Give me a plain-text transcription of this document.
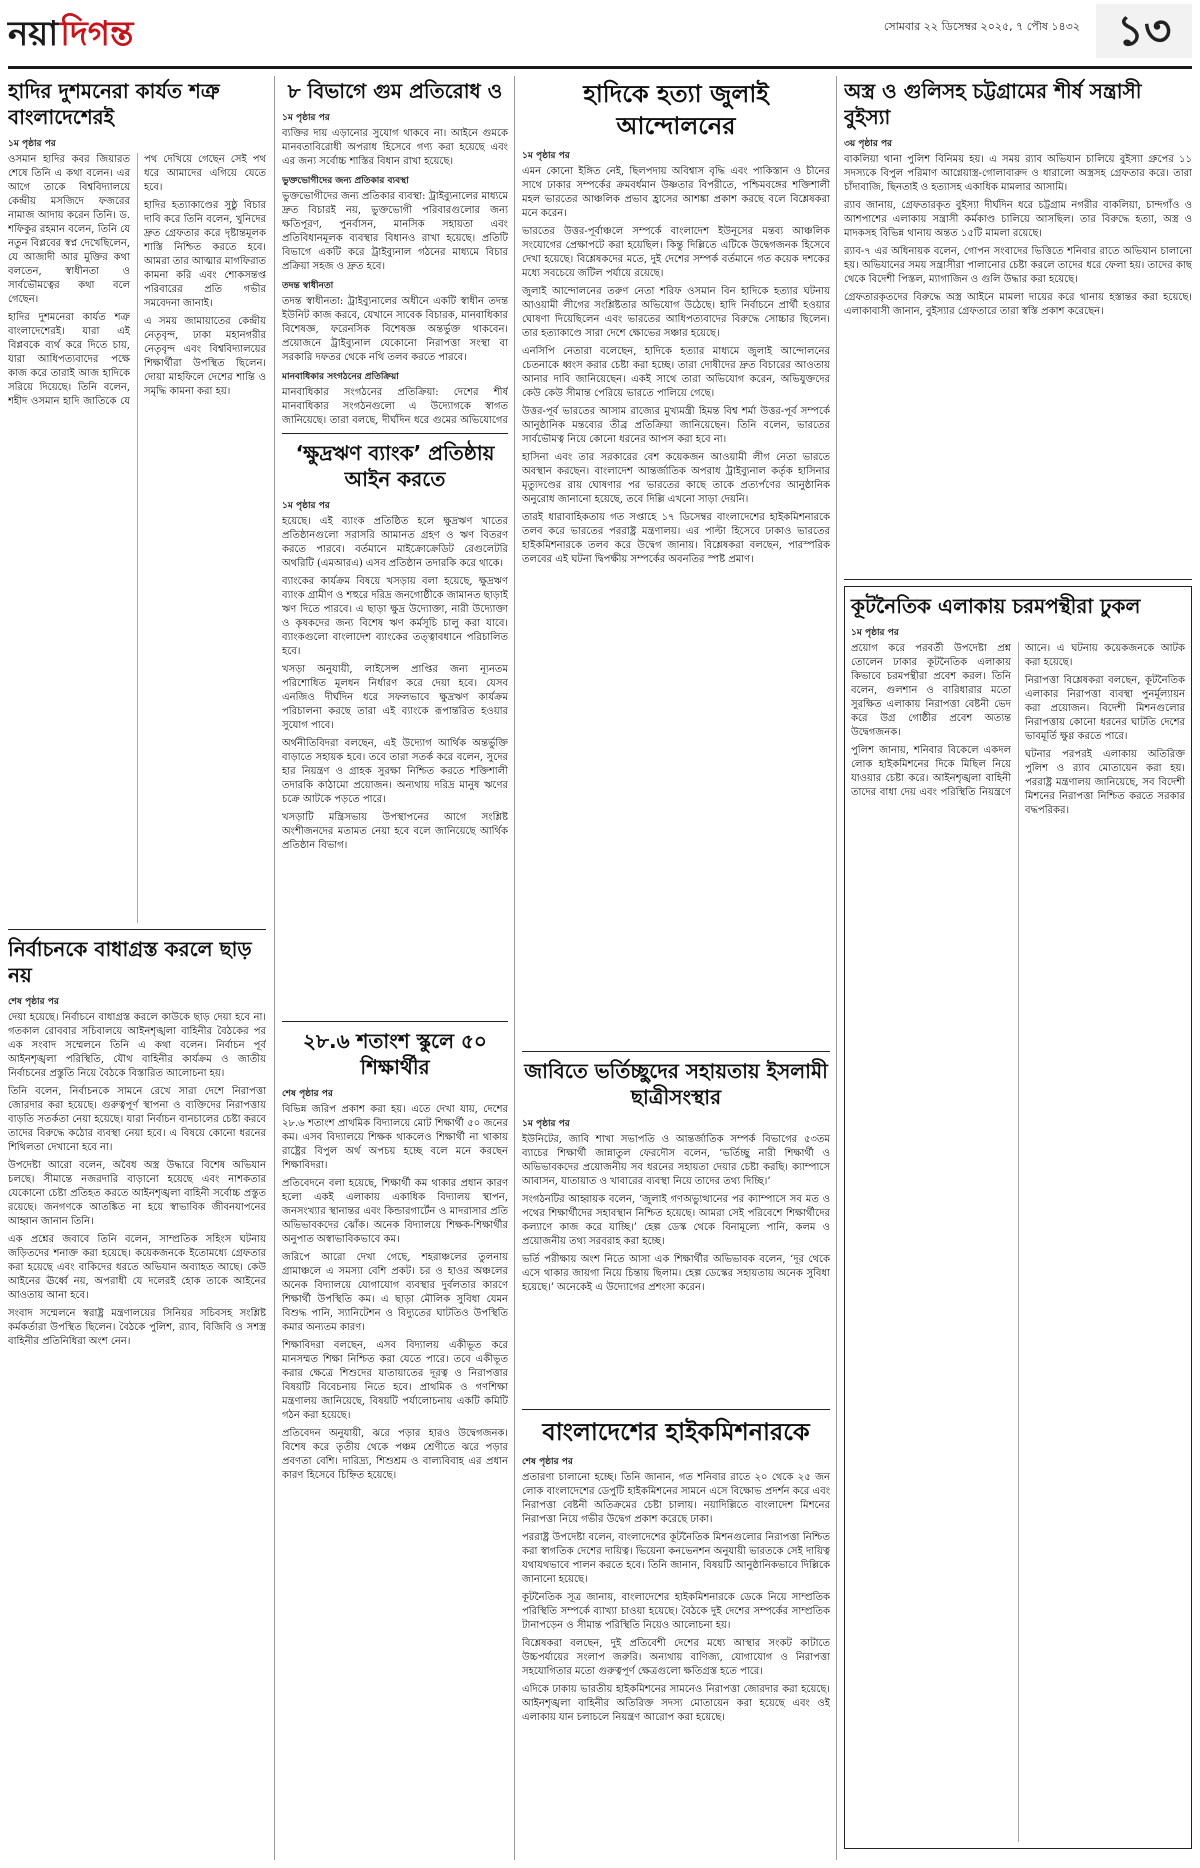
নয়া দিগন্ত	সোমবার ২২ ডিসেম্বর ২০২৫, ৭ পৌষ ১৪৩২ ১৩
হাদির দুশমনেরা কার্যত শত্রু বাংলাদেশেরই
১ম পৃষ্ঠার পর

ওসমান হাদির কবর জিয়ারত শেষে তিনি এ কথা বলেন। এর আগে তাকে বিশ্ববিদ্যালয়ে কেন্দ্রীয় মসজিদে ফজরের নামাজ আদায় করেন তিনি। ড. শফিকুর রহমান বলেন, তিনি যে নতুন বিপ্লবের স্বপ্ন দেখেছিলেন, যে আজাদী আর মুক্তির কথা বলতেন, স্বাধীনতা ও সার্বভৌমত্বের কথা বলে গেছেন।

হাদির দুশমনেরা কার্যত শত্রু বাংলাদেশেরই। যারা এই বিপ্লবকে ব্যর্থ করে দিতে চায়, যারা আধিপত্যবাদের পক্ষে কাজ করে তারাই আজ হাদিকে সরিয়ে দিয়েছে। তিনি বলেন, শহীদ ওসমান হাদি জাতিকে যে পথ দেখিয়ে গেছেন সেই পথ ধরে আমাদের এগিয়ে যেতে হবে।

হাদির হত্যাকাণ্ডের সুষ্ঠু বিচার দাবি করে তিনি বলেন, খুনিদের দ্রুত গ্রেফতার করে দৃষ্টান্তমূলক শাস্তি নিশ্চিত করতে হবে। আমরা তার আত্মার মাগফিরাত কামনা করি এবং শোকসন্তপ্ত পরিবারের প্রতি গভীর সমবেদনা জানাই।

এ সময় জামায়াতের কেন্দ্রীয় নেতৃবৃন্দ, ঢাকা মহানগরীর নেতৃবৃন্দ এবং বিশ্ববিদ্যালয়ের শিক্ষার্থীরা উপস্থিত ছিলেন। দোয়া মাহফিলে দেশের শান্তি ও সমৃদ্ধি কামনা করা হয়।

নির্বাচনকে বাধাগ্রস্ত করলে ছাড় নয়
শেষ পৃষ্ঠার পর

দেয়া হয়েছে। নির্বাচনে বাধাগ্রস্ত করলে কাউকে ছাড় দেয়া হবে না। গতকাল রোববার সচিবালয়ে আইনশৃঙ্খলা বাহিনীর বৈঠকের পর এক সংবাদ সম্মেলনে তিনি এ কথা বলেন। নির্বাচন পূর্ব আইনশৃঙ্খলা পরিস্থিতি, যৌথ বাহিনীর কার্যক্রম ও জাতীয় নির্বাচনের প্রস্তুতি নিয়ে বৈঠকে বিস্তারিত আলোচনা হয়।

তিনি বলেন, নির্বাচনকে সামনে রেখে সারা দেশে নিরাপত্তা জোরদার করা হয়েছে। গুরুত্বপূর্ণ স্থাপনা ও ব্যক্তিদের নিরাপত্তায় বাড়তি সতর্কতা নেয়া হয়েছে। যারা নির্বাচন বানচালের চেষ্টা করবে তাদের বিরুদ্ধে কঠোর ব্যবস্থা নেয়া হবে। এ বিষয়ে কোনো ধরনের শিথিলতা দেখানো হবে না।

উপদেষ্টা আরো বলেন, অবৈধ অস্ত্র উদ্ধারে বিশেষ অভিযান চলছে। সীমান্তে নজরদারি বাড়ানো হয়েছে এবং নাশকতার যেকোনো চেষ্টা প্রতিহত করতে আইনশৃঙ্খলা বাহিনী সর্বোচ্চ প্রস্তুত রয়েছে। জনগণকে আতঙ্কিত না হয়ে স্বাভাবিক জীবনযাপনের আহ্বান জানান তিনি।

এক প্রশ্নের জবাবে তিনি বলেন, সাম্প্রতিক সহিংস ঘটনায় জড়িতদের শনাক্ত করা হয়েছে। কয়েকজনকে ইতোমধ্যে গ্রেফতার করা হয়েছে এবং বাকিদের ধরতে অভিযান অব্যাহত আছে। কেউ আইনের ঊর্ধ্বে নয়, অপরাধী যে দলেরই হোক তাকে আইনের আওতায় আনা হবে।

সংবাদ সম্মেলনে স্বরাষ্ট্র মন্ত্রণালয়ের সিনিয়র সচিবসহ সংশ্লিষ্ট কর্মকর্তারা উপস্থিত ছিলেন। বৈঠকে পুলিশ, র‍্যাব, বিজিবি ও সশস্ত্র বাহিনীর প্রতিনিধিরা অংশ নেন।

৮ বিভাগে গুম প্রতিরোধ ও
১ম পৃষ্ঠার পর

ব্যক্তির দায় এড়ানোর সুযোগ থাকবে না। আইনে গুমকে মানবতাবিরোধী অপরাধ হিসেবে গণ্য করা হয়েছে এবং এর জন্য সর্বোচ্চ শাস্তির বিধান রাখা হয়েছে।

ভুক্তভোগীদের জন্য প্রতিকার ব্যবস্থা

ভুক্তভোগীদের জন্য প্রতিকার ব্যবস্থা: ট্রাইব্যুনালের মাধ্যমে দ্রুত বিচারই নয়, ভুক্তভোগী পরিবারগুলোর জন্য ক্ষতিপূরণ, পুনর্বাসন, মানসিক সহায়তা এবং প্রতিবিধানমূলক ব্যবস্থার বিধানও রাখা হয়েছে। প্রতিটি বিভাগে একটি করে ট্রাইব্যুনাল গঠনের মাধ্যমে বিচার প্রক্রিয়া সহজ ও দ্রুত হবে।

তদন্ত স্বাধীনতা

তদন্ত স্বাধীনতা: ট্রাইব্যুনালের অধীনে একটি স্বাধীন তদন্ত ইউনিট কাজ করবে, যেখানে সাবেক বিচারক, মানবাধিকার বিশেষজ্ঞ, ফরেনসিক বিশেষজ্ঞ অন্তর্ভুক্ত থাকবেন। প্রয়োজনে ট্রাইব্যুনাল যেকোনো নিরাপত্তা সংস্থা বা সরকারি দফতর থেকে নথি তলব করতে পারবে।

মানবাধিকার সংগঠনের প্রতিক্রিয়া

মানবাধিকার সংগঠনের প্রতিক্রিয়া: দেশের শীর্ষ মানবাধিকার সংগঠনগুলো এ উদ্যোগকে স্বাগত জানিয়েছে। তারা বলছে, দীর্ঘদিন ধরে গুমের অভিযোগের

‘ক্ষুদ্রঋণ ব্যাংক’ প্রতিষ্ঠায় আইন করতে
১ম পৃষ্ঠার পর

হয়েছে। এই ব্যাংক প্রতিষ্ঠিত হলে ক্ষুদ্রঋণ খাতের প্রতিষ্ঠানগুলো সরাসরি আমানত গ্রহণ ও ঋণ বিতরণ করতে পারবে। বর্তমানে মাইক্রোক্রেডিট রেগুলেটরি অথরিটি (এমআরএ) এসব প্রতিষ্ঠান তদারকি করে থাকে।

ব্যাংকের কার্যক্রম বিষয়ে খসড়ায় বলা হয়েছে, ক্ষুদ্রঋণ ব্যাংক গ্রামীণ ও শহুরে দরিদ্র জনগোষ্ঠীকে জামানত ছাড়াই ঋণ দিতে পারবে। এ ছাড়া ক্ষুদ্র উদ্যোক্তা, নারী উদ্যোক্তা ও কৃষকদের জন্য বিশেষ ঋণ কর্মসূচি চালু করা যাবে। ব্যাংকগুলো বাংলাদেশ ব্যাংকের তত্ত্বাবধানে পরিচালিত হবে।

খসড়া অনুযায়ী, লাইসেন্স প্রাপ্তির জন্য ন্যূনতম পরিশোধিত মূলধন নির্ধারণ করে দেয়া হবে। যেসব এনজিও দীর্ঘদিন ধরে সফলভাবে ক্ষুদ্রঋণ কার্যক্রম পরিচালনা করছে তারা এই ব্যাংকে রূপান্তরিত হওয়ার সুযোগ পাবে।

অর্থনীতিবিদরা বলছেন, এই উদ্যোগ আর্থিক অন্তর্ভুক্তি বাড়াতে সহায়ক হবে। তবে তারা সতর্ক করে বলেন, সুদের হার নিয়ন্ত্রণ ও গ্রাহক সুরক্ষা নিশ্চিত করতে শক্তিশালী তদারকি কাঠামো প্রয়োজন। অন্যথায় দরিদ্র মানুষ ঋণের চক্রে আটকে পড়তে পারে।

খসড়াটি মন্ত্রিসভায় উপস্থাপনের আগে সংশ্লিষ্ট অংশীজনদের মতামত নেয়া হবে বলে জানিয়েছে আর্থিক প্রতিষ্ঠান বিভাগ।

২৮.৬ শতাংশ স্কুলে ৫০ শিক্ষার্থীর
শেষ পৃষ্ঠার পর

বিভিন্ন জরিপ প্রকাশ করা হয়। এতে দেখা যায়, দেশের ২৮.৬ শতাংশ প্রাথমিক বিদ্যালয়ে মোট শিক্ষার্থী ৫০ জনের কম। এসব বিদ্যালয়ে শিক্ষক থাকলেও শিক্ষার্থী না থাকায় রাষ্ট্রের বিপুল অর্থ অপচয় হচ্ছে বলে মনে করছেন শিক্ষাবিদরা।

প্রতিবেদনে বলা হয়েছে, শিক্ষার্থী কম থাকার প্রধান কারণ হলো একই এলাকায় একাধিক বিদ্যালয় স্থাপন, জনসংখ্যার স্থানান্তর এবং কিন্ডারগার্টেন ও মাদরাসার প্রতি অভিভাবকদের ঝোঁক। অনেক বিদ্যালয়ে শিক্ষক-শিক্ষার্থীর অনুপাত অস্বাভাবিকভাবে কম।

জরিপে আরো দেখা গেছে, শহরাঞ্চলের তুলনায় গ্রামাঞ্চলে এ সমস্যা বেশি প্রকট। চর ও হাওর অঞ্চলের অনেক বিদ্যালয়ে যোগাযোগ ব্যবস্থার দুর্বলতার কারণে শিক্ষার্থী উপস্থিতি কম। এ ছাড়া মৌলিক সুবিধা যেমন বিশুদ্ধ পানি, স্যানিটেশন ও বিদ্যুতের ঘাটতিও উপস্থিতি কমার অন্যতম কারণ।

শিক্ষাবিদরা বলছেন, এসব বিদ্যালয় একীভূত করে মানসম্মত শিক্ষা নিশ্চিত করা যেতে পারে। তবে একীভূত করার ক্ষেত্রে শিশুদের যাতায়াতের দূরত্ব ও নিরাপত্তার বিষয়টি বিবেচনায় নিতে হবে। প্রাথমিক ও গণশিক্ষা মন্ত্রণালয় জানিয়েছে, বিষয়টি পর্যালোচনায় একটি কমিটি গঠন করা হয়েছে।

প্রতিবেদন অনুযায়ী, ঝরে পড়ার হারও উদ্বেগজনক। বিশেষ করে তৃতীয় থেকে পঞ্চম শ্রেণীতে ঝরে পড়ার প্রবণতা বেশি। দারিদ্র্য, শিশুশ্রম ও বাল্যবিবাহ এর প্রধান কারণ হিসেবে চিহ্নিত হয়েছে।

হাদিকে হত্যা জুলাই আন্দোলনের
১ম পৃষ্ঠার পর

এমন কোনো ইঙ্গিত নেই, ছিলপদায় অবিশ্বাস বৃদ্ধি এবং পাকিস্তান ও চীনের সাথে ঢাকার সম্পর্কের ক্রমবর্ধমান উষ্ণতার বিপরীতে, পশ্চিমবঙ্গের শক্তিশালী মহল ভারতের আঞ্চলিক প্রভাব হ্রাসের আশঙ্কা প্রকাশ করছে বলে বিশ্লেষকরা মনে করেন।

ভারতের উত্তর-পূর্বাঞ্চলে সম্পর্কে বাংলাদেশ ইউনূসের মন্তব্য আঞ্চলিক সংযোগের প্রেক্ষাপটে করা হয়েছিল। কিন্তু দিল্লিতে এটিকে উদ্বেগজনক হিসেবে দেখা হয়েছে। বিশ্লেষকদের মতে, দুই দেশের সম্পর্ক বর্তমানে গত কয়েক দশকের মধ্যে সবচেয়ে জটিল পর্যায়ে রয়েছে।

জুলাই আন্দোলনের তরুণ নেতা শরিফ ওসমান বিন হাদিকে হত্যার ঘটনায় আওয়ামী লীগের সংশ্লিষ্টতার অভিযোগ উঠেছে। হাদি নির্বাচনে প্রার্থী হওয়ার ঘোষণা দিয়েছিলেন এবং ভারতের আধিপত্যবাদের বিরুদ্ধে সোচ্চার ছিলেন। তার হত্যাকাণ্ডে সারা দেশে ক্ষোভের সঞ্চার হয়েছে।

এনসিপি নেতারা বলেছেন, হাদিকে হত্যার মাধ্যমে জুলাই আন্দোলনের চেতনাকে ধ্বংস করার চেষ্টা করা হচ্ছে। তারা দোষীদের দ্রুত বিচারের আওতায় আনার দাবি জানিয়েছেন। একই সাথে তারা অভিযোগ করেন, অভিযুক্তদের কেউ কেউ সীমান্ত পেরিয়ে ভারতে পালিয়ে গেছে।

উত্তর-পূর্ব ভারতের আসাম রাজ্যের মুখ্যমন্ত্রী হিমন্ত বিশ্ব শর্মা উত্তর-পূর্ব সম্পর্কে আনুষ্ঠানিক মন্তব্যের তীব্র প্রতিক্রিয়া জানিয়েছেন। তিনি বলেন, ভারতের সার্বভৌমত্ব নিয়ে কোনো ধরনের আপস করা হবে না।

হাসিনা এবং তার সরকারের বেশ কয়েকজন আওয়ামী লীগ নেতা ভারতে অবস্থান করছেন। বাংলাদেশ আন্তর্জাতিক অপরাধ ট্রাইব্যুনাল কর্তৃক হাসিনার মৃত্যুদণ্ডের রায় ঘোষণার পর ভারতের কাছে তাকে প্রত্যর্পণের আনুষ্ঠানিক অনুরোধ জানানো হয়েছে, তবে দিল্লি এখনো সাড়া দেয়নি।

তারই ধারাবাহিকতায় গত সপ্তাহে ১৭ ডিসেম্বর বাংলাদেশের হাইকমিশনারকে তলব করে ভারতের পররাষ্ট্র মন্ত্রণালয়। এর পাল্টা হিসেবে ঢাকাও ভারতের হাইকমিশনারকে তলব করে উদ্বেগ জানায়। বিশ্লেষকরা বলছেন, পারস্পরিক তলবের এই ঘটনা দ্বিপক্ষীয় সম্পর্কের অবনতির স্পষ্ট প্রমাণ।

জাবিতে ভর্তিচ্ছুদের সহায়তায় ইসলামী ছাত্রীসংস্থার
১ম পৃষ্ঠার পর

ইউনিটের, জাবি শাখা সভাপতি ও আন্তর্জাতিক সম্পর্ক বিভাগের ৫৩তম ব্যাচের শিক্ষার্থী জান্নাতুল ফেরদৌস বলেন, ‘ভর্তিচ্ছু নারী শিক্ষার্থী ও অভিভাবকদের প্রয়োজনীয় সব ধরনের সহায়তা দেয়ার চেষ্টা করছি। ক্যাম্পাসে আবাসন, যাতায়াত ও খাবারের ব্যবস্থা নিয়ে তাদের তথ্য দিচ্ছি।’

সংগঠনটির আহ্বায়ক বলেন, ‘জুলাই গণঅভ্যুত্থানের পর ক্যাম্পাসে সব মত ও পথের শিক্ষার্থীদের সহাবস্থান নিশ্চিত হয়েছে। আমরা সেই পরিবেশে শিক্ষার্থীদের কল্যাণে কাজ করে যাচ্ছি।’ হেল্প ডেস্ক থেকে বিনামূল্যে পানি, কলম ও প্রয়োজনীয় তথ্য সরবরাহ করা হচ্ছে।

ভর্তি পরীক্ষায় অংশ নিতে আসা এক শিক্ষার্থীর অভিভাবক বলেন, ‘দূর থেকে এসে থাকার জায়গা নিয়ে চিন্তায় ছিলাম। হেল্প ডেস্কের সহায়তায় অনেক সুবিধা হয়েছে।’ অনেকেই এ উদ্যোগের প্রশংসা করেন।

বাংলাদেশের হাইকমিশনারকে
শেষ পৃষ্ঠার পর

প্রতারণা চালানো হচ্ছে। তিনি জানান, গত শনিবার রাতে ২০ থেকে ২৫ জন লোক বাংলাদেশের ডেপুটি হাইকমিশনের সামনে এসে বিক্ষোভ প্রদর্শন করে এবং নিরাপত্তা বেষ্টনী অতিক্রমের চেষ্টা চালায়। নয়াদিল্লিতে বাংলাদেশ মিশনের নিরাপত্তা নিয়ে গভীর উদ্বেগ প্রকাশ করেছে ঢাকা।

পররাষ্ট্র উপদেষ্টা বলেন, বাংলাদেশের কূটনৈতিক মিশনগুলোর নিরাপত্তা নিশ্চিত করা স্বাগতিক দেশের দায়িত্ব। ভিয়েনা কনভেনশন অনুযায়ী ভারতকে সেই দায়িত্ব যথাযথভাবে পালন করতে হবে। তিনি জানান, বিষয়টি আনুষ্ঠানিকভাবে দিল্লিকে জানানো হয়েছে।

কূটনৈতিক সূত্র জানায়, বাংলাদেশের হাইকমিশনারকে ডেকে নিয়ে সাম্প্রতিক পরিস্থিতি সম্পর্কে ব্যাখ্যা চাওয়া হয়েছে। বৈঠকে দুই দেশের সম্পর্কের সাম্প্রতিক টানাপড়েন ও সীমান্ত পরিস্থিতি নিয়েও আলোচনা হয়।

বিশ্লেষকরা বলছেন, দুই প্রতিবেশী দেশের মধ্যে আস্থার সংকট কাটাতে উচ্চপর্যায়ের সংলাপ জরুরি। অন্যথায় বাণিজ্য, যোগাযোগ ও নিরাপত্তা সহযোগিতার মতো গুরুত্বপূর্ণ ক্ষেত্রগুলো ক্ষতিগ্রস্ত হতে পারে।

এদিকে ঢাকায় ভারতীয় হাইকমিশনের সামনেও নিরাপত্তা জোরদার করা হয়েছে। আইনশৃঙ্খলা বাহিনীর অতিরিক্ত সদস্য মোতায়েন করা হয়েছে এবং ওই এলাকায় যান চলাচলে নিয়ন্ত্রণ আরোপ করা হয়েছে।

অস্ত্র ও গুলিসহ চট্টগ্রামের শীর্ষ সন্ত্রাসী বুইস্যা
৩য় পৃষ্ঠার পর

বাকলিয়া থানা পুলিশ বিনিময় হয়। এ সময় র‍্যাব অভিযান চালিয়ে বুইস্যা গ্রুপের ১১ সদস্যকে বিপুল পরিমাণ আগ্নেয়াস্ত্র-গোলাবারুদ ও ধারালো অস্ত্রসহ গ্রেফতার করে। তারা চাঁদাবাজি, ছিনতাই ও হত্যাসহ একাধিক মামলার আসামি।

র‍্যাব জানায়, গ্রেফতারকৃত বুইস্যা দীর্ঘদিন ধরে চট্টগ্রাম নগরীর বাকলিয়া, চান্দগাঁও ও আশপাশের এলাকায় সন্ত্রাসী কর্মকাণ্ড চালিয়ে আসছিল। তার বিরুদ্ধে হত্যা, অস্ত্র ও মাদকসহ বিভিন্ন থানায় অন্তত ১৫টি মামলা রয়েছে।

র‍্যাব-৭ এর অধিনায়ক বলেন, গোপন সংবাদের ভিত্তিতে শনিবার রাতে অভিযান চালানো হয়। অভিযানের সময় সন্ত্রাসীরা পালানোর চেষ্টা করলে তাদের ধরে ফেলা হয়। তাদের কাছ থেকে বিদেশী পিস্তল, ম্যাগাজিন ও গুলি উদ্ধার করা হয়েছে।

গ্রেফতারকৃতদের বিরুদ্ধে অস্ত্র আইনে মামলা দায়ের করে থানায় হস্তান্তর করা হয়েছে। এলাকাবাসী জানান, বুইস্যার গ্রেফতারে তারা স্বস্তি প্রকাশ করেছেন।

কূটনৈতিক এলাকায় চরমপন্থীরা ঢুকল
১ম পৃষ্ঠার পর

প্রয়োগ করে পরবর্তী উপদেষ্টা প্রশ্ন তোলেন ঢাকার কূটনৈতিক এলাকায় কিভাবে চরমপন্থীরা প্রবেশ করল। তিনি বলেন, গুলশান ও বারিধারার মতো সুরক্ষিত এলাকায় নিরাপত্তা বেষ্টনী ভেদ করে উগ্র গোষ্ঠীর প্রবেশ অত্যন্ত উদ্বেগজনক।

পুলিশ জানায়, শনিবার বিকেলে একদল লোক হাইকমিশনের দিকে মিছিল নিয়ে যাওয়ার চেষ্টা করে। আইনশৃঙ্খলা বাহিনী তাদের বাধা দেয় এবং পরিস্থিতি নিয়ন্ত্রণে আনে। এ ঘটনায় কয়েকজনকে আটক করা হয়েছে।

নিরাপত্তা বিশ্লেষকরা বলছেন, কূটনৈতিক এলাকার নিরাপত্তা ব্যবস্থা পুনর্মূল্যায়ন করা প্রয়োজন। বিদেশী মিশনগুলোর নিরাপত্তায় কোনো ধরনের ঘাটতি দেশের ভাবমূর্তি ক্ষুণ্ণ করতে পারে।

ঘটনার পরপরই এলাকায় অতিরিক্ত পুলিশ ও র‍্যাব মোতায়েন করা হয়। পররাষ্ট্র মন্ত্রণালয় জানিয়েছে, সব বিদেশী মিশনের নিরাপত্তা নিশ্চিত করতে সরকার বদ্ধপরিকর।
